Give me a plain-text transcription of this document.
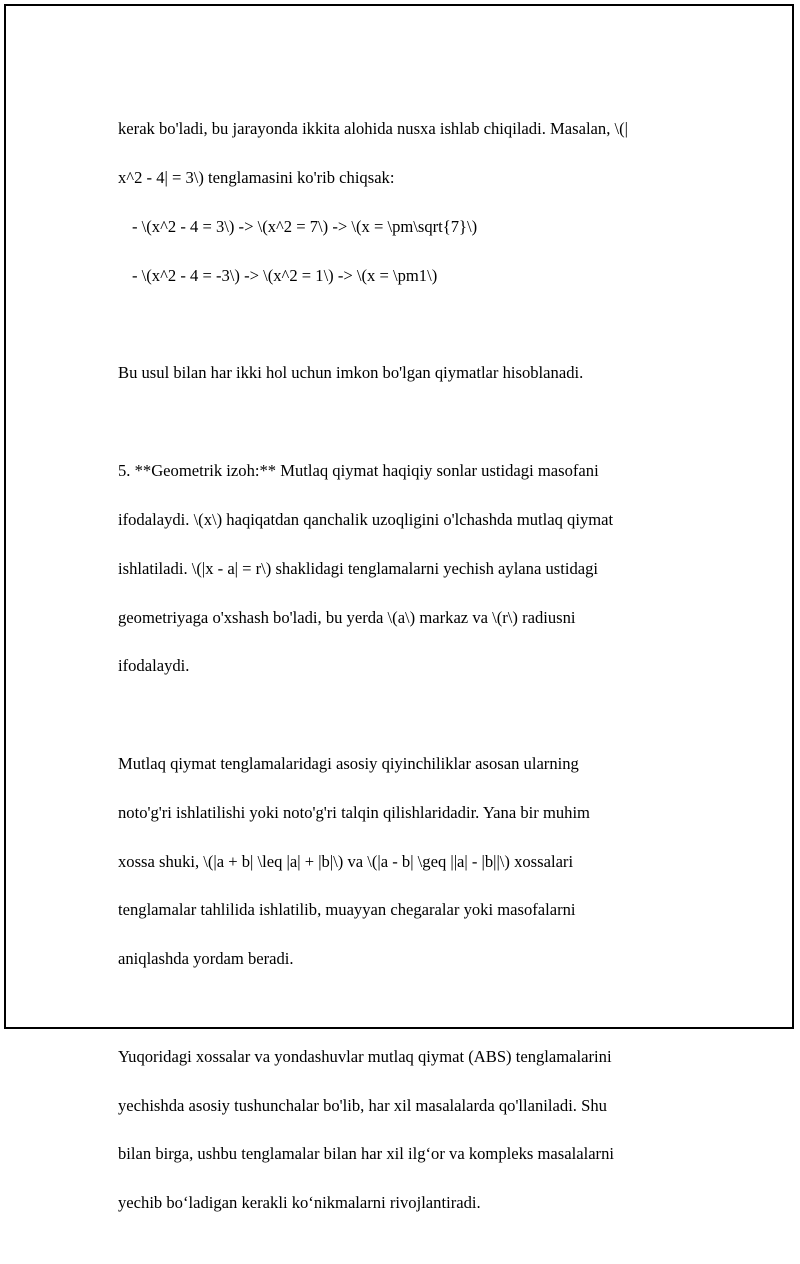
kerak bo'ladi, bu jarayonda ikkita alohida nusxa ishlab chiqiladi. Masalan, \(|

x^2 - 4| = 3\) tenglamasini ko'rib chiqsak:

- \(x^2 - 4 = 3\) -> \(x^2 = 7\) -> \(x = \pm\sqrt{7}\)

- \(x^2 - 4 = -3\) -> \(x^2 = 1\) -> \(x = \pm1\)

Bu usul bilan har ikki hol uchun imkon bo'lgan qiymatlar hisoblanadi.

5. **Geometrik izoh:** Mutlaq qiymat haqiqiy sonlar ustidagi masofani

ifodalaydi. \(x\) haqiqatdan qanchalik uzoqligini o'lchashda mutlaq qiymat

ishlatiladi. \(|x - a| = r\) shaklidagi tenglamalarni yechish aylana ustidagi

geometriyaga o'xshash bo'ladi, bu yerda \(a\) markaz va \(r\) radiusni

ifodalaydi.

Mutlaq qiymat tenglamalaridagi asosiy qiyinchiliklar asosan ularning

noto'g'ri ishlatilishi yoki noto'g'ri talqin qilishlaridadir. Yana bir muhim

xossa shuki, \(|a + b| \leq |a| + |b|\) va \(|a - b| \geq ||a| - |b||\) xossalari

tenglamalar tahlilida ishlatilib, muayyan chegaralar yoki masofalarni

aniqlashda yordam beradi.

Yuqoridagi xossalar va yondashuvlar mutlaq qiymat (ABS) tenglamalarini

yechishda asosiy tushunchalar bo'lib, har xil masalalarda qo'llaniladi. Shu

bilan birga, ushbu tenglamalar bilan har xil ilg‘or va kompleks masalalarni

yechib bo‘ladigan kerakli ko‘nikmalarni rivojlantiradi.
